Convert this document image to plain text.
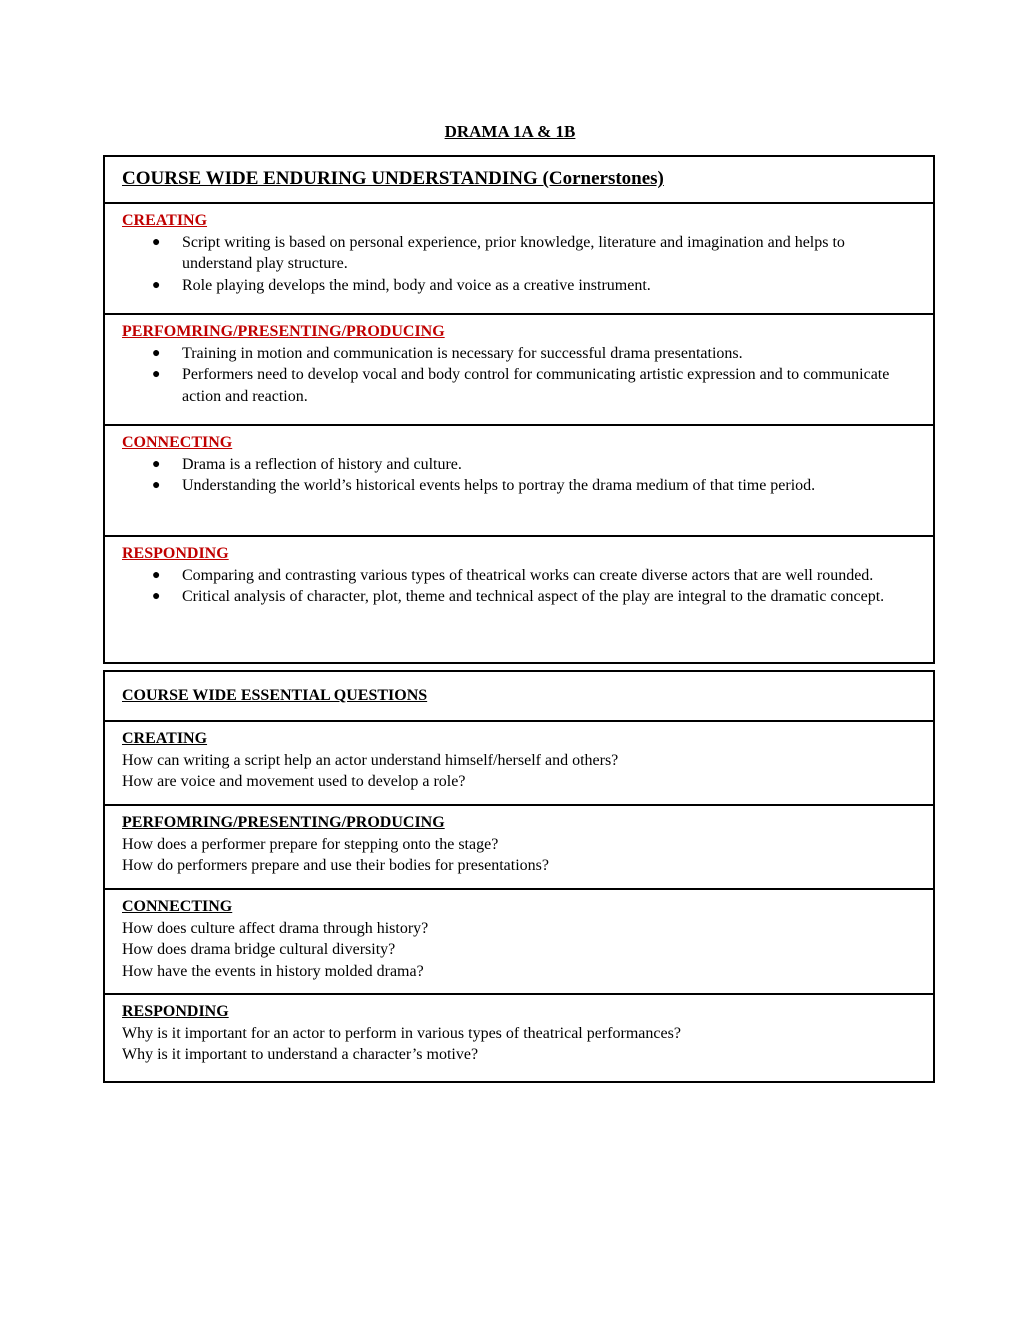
DRAMA 1A & 1B
COURSE WIDE ENDURING UNDERSTANDING (Cornerstones)

CREATING
● Script writing is based on personal experience, prior knowledge, literature and imagination and helps to understand play structure.
● Role playing develops the mind, body and voice as a creative instrument.

PERFOMRING/PRESENTING/PRODUCING
● Training in motion and communication is necessary for successful drama presentations.
● Performers need to develop vocal and body control for communicating artistic expression and to communicate action and reaction.

CONNECTING
● Drama is a reflection of history and culture.
● Understanding the world’s historical events helps to portray the drama medium of that time period.

RESPONDING
● Comparing and contrasting various types of theatrical works can create diverse actors that are well rounded.
● Critical analysis of character, plot, theme and technical aspect of the play are integral to the dramatic concept.
COURSE WIDE ESSENTIAL QUESTIONS

CREATING
How can writing a script help an actor understand himself/herself and others?
How are voice and movement used to develop a role?

PERFOMRING/PRESENTING/PRODUCING
How does a performer prepare for stepping onto the stage?
How do performers prepare and use their bodies for presentations?

CONNECTING
How does culture affect drama through history?
How does drama bridge cultural diversity?
How have the events in history molded drama?

RESPONDING
Why is it important for an actor to perform in various types of theatrical performances?
Why is it important to understand a character’s motive?
